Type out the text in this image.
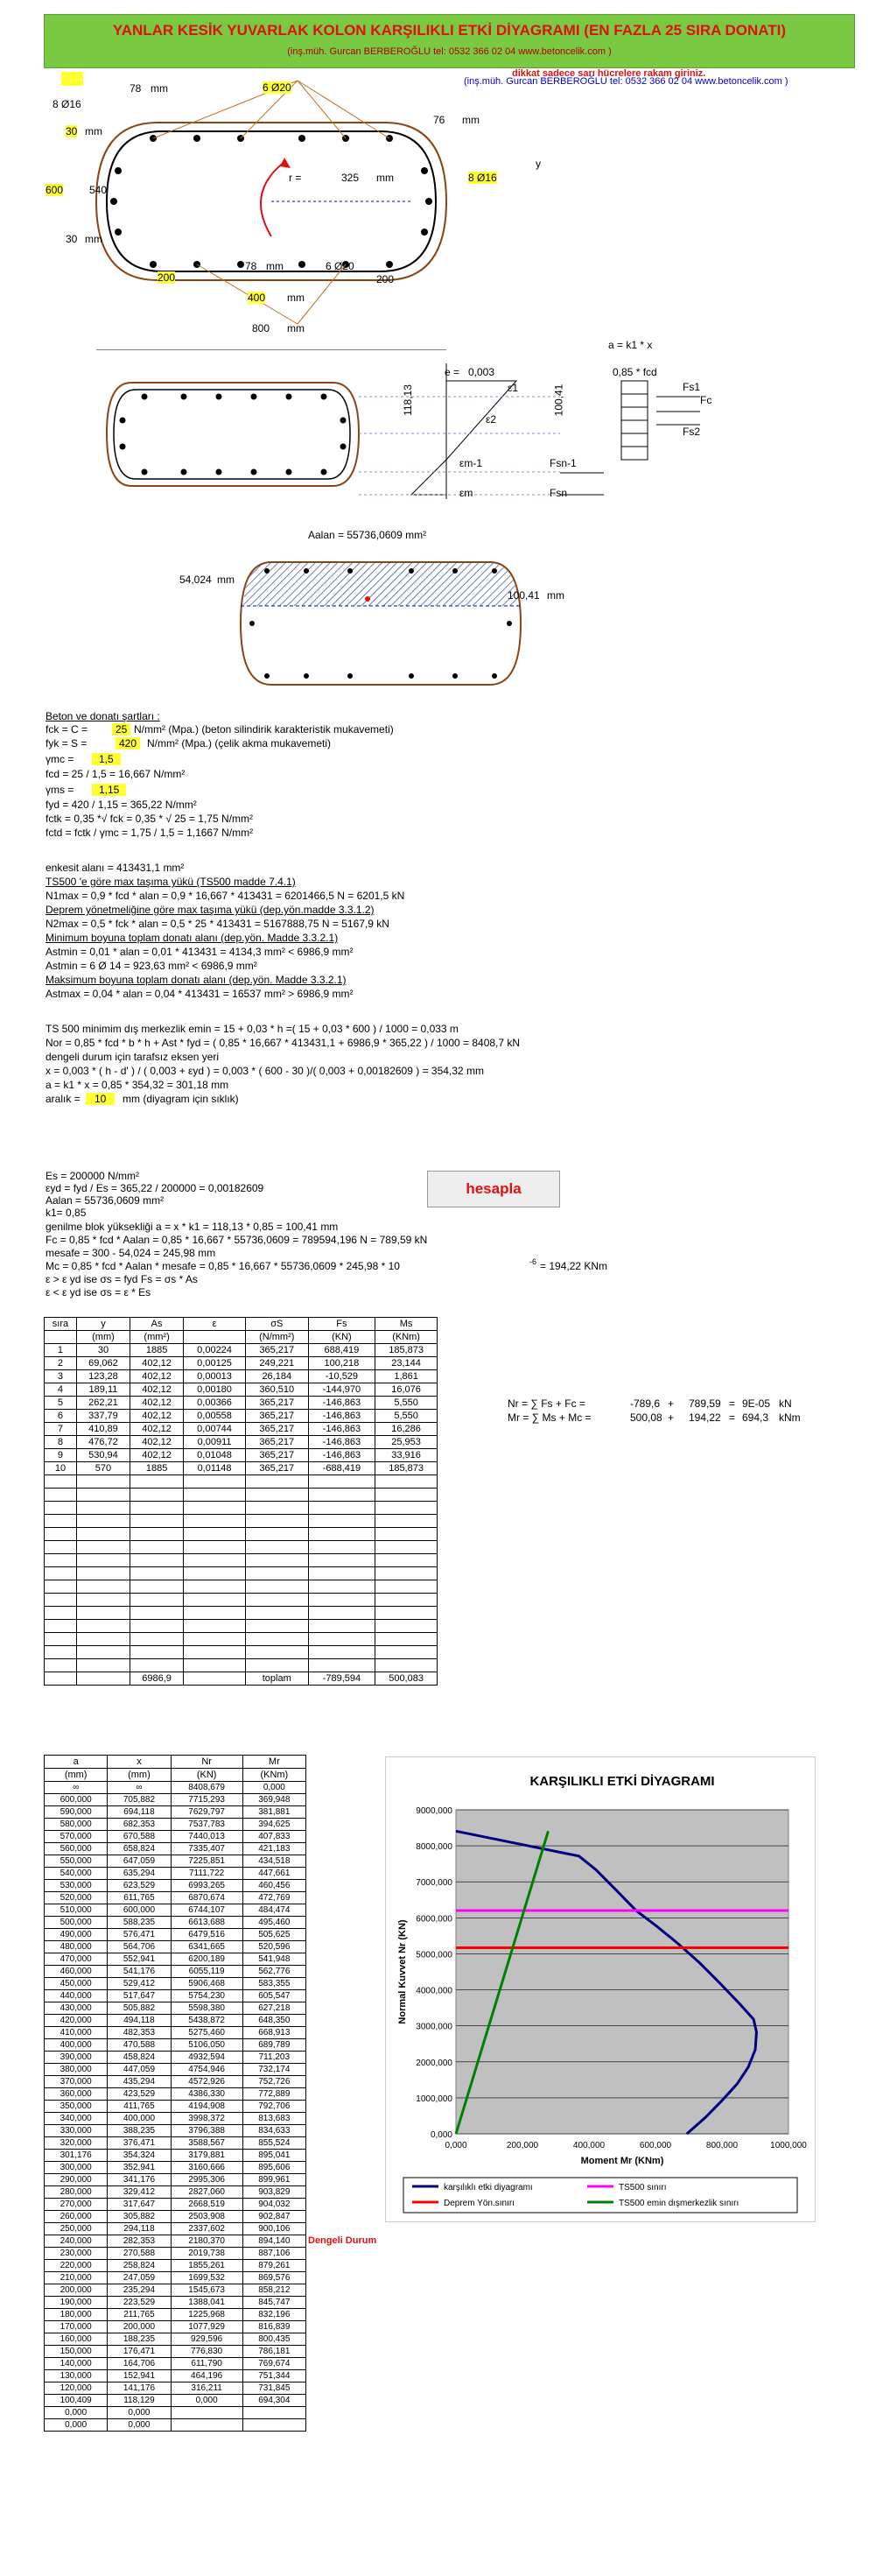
YANLAR KESİK YUVARLAK KOLON KARŞILIKLI ETKİ DİYAGRAMI (EN FAZLA 25 SIRA DONATI)
(inş.müh. Gurcan BERBEROĞLU tel: 0532 366 02 04 www.betoncelik.com )
dikkat sadece sarı hücrelere rakam giriniz.
8 Ø16
78 mm	6 Ø20
30 mm
76 mm
y
600 540
r =	325 mm	8 Ø16
30 mm
78 mm	6 Ø20
200	200
400 mm
800 mm
(inş.müh. Gurcan BERBEROĞLU tel: 0532 366 02 04 www.betoncelik.com )
a = k1 * x
e = 0,003	0,85 * fcd
Fs1
Fc
Fs2
ε1
ε2
εm-1
εm
Fsn-1
Fsn
118,13	100,41
Aalan = 55736,0609 mm²
54,024 mm
100,41 mm
Beton ve donatı şartları :
fck = C =	25 N/mm² (Mpa.) (beton silindirik karakteristik mukavemeti)
fyk = S =	420 N/mm² (Mpa.) (çelik akma mukavemeti)
γmc =	1,5
fcd = 25 / 1,5 = 16,667 N/mm²
γms =	1,15
fyd = 420 / 1,15 = 365,22 N/mm²
fctk = 0,35 *√ fck = 0,35 * √ 25 = 1,75 N/mm²
fctd = fctk / γmc = 1,75 / 1,5 = 1,1667 N/mm²
enkesit alanı = 413431,1 mm²
TS500 'e göre max taşıma yükü (TS500 madde 7.4.1)
N1max = 0,9 * fcd * alan = 0,9 * 16,667 * 413431 = 6201466,5 N = 6201,5 kN
Deprem yönetmeliğine göre max taşıma yükü (dep.yön.madde 3.3.1.2)
N2max = 0,5 * fck * alan = 0,5 * 25 * 413431 = 5167888,75 N = 5167,9 kN
Minimum boyuna toplam donatı alanı (dep.yön. Madde 3.3.2.1)
Astmin = 0,01 * alan = 0,01 * 413431 = 4134,3 mm² < 6986,9 mm²
Astmin = 6 Ø 14 = 923,63 mm² < 6986,9 mm²
Maksimum boyuna toplam donatı alanı (dep.yön. Madde 3.3.2.1)
Astmax = 0,04 * alan = 0,04 * 413431 = 16537 mm² > 6986,9 mm²
TS 500 minimim dış merkezlik emin = 15 + 0,03 * h =( 15 + 0,03 * 600 ) / 1000 = 0,033 m
Nor = 0,85 * fcd * b * h + Ast * fyd = ( 0,85 * 16,667 * 413431,1 + 6986,9 * 365,22 ) / 1000 = 8408,7 kN
dengeli durum için tarafsız eksen yeri
x = 0,003 * ( h - d' ) / ( 0,003 + εyd ) = 0,003 * ( 600 - 30 )/( 0,003 + 0,00182609 ) = 354,32 mm
a = k1 * x = 0,85 * 354,32 = 301,18 mm
aralık =	10	mm (diyagram için sıklık)
Es = 200000 N/mm²
εyd = fyd / Es = 365,22 / 200000 = 0,00182609
Aalan = 55736,0609 mm²
k1= 0,85
genilme blok yüksekliği a = x * k1 = 118,13 * 0,85 = 100,41 mm
Fc = 0,85 * fcd * Aalan = 0,85 * 16,667 * 55736,0609 = 789594,196 N = 789,59 kN
mesafe = 300 - 54,024 = 245,98 mm
Mc = 0,85 * fcd * Aalan * mesafe = 0,85 * 16,667 * 55736,0609 * 245,98 * 10	-6 = 194,22 KNm
ε > ε yd ise σs = fyd Fs = σs * As
ε < ε yd ise σs = ε * Es
hesapla
sıra	y	As	ε	σS	Fs	Ms
	(mm)	(mm²)		(N/mm²)	(KN)	(KNm)
1	30	1885	0,00224	365,217	688,419	185,873
2	69,062	402,12	0,00125	249,221	100,218	23,144
3	123,28	402,12	0,00013	26,184	-10,529	1,861
4	189,11	402,12	0,00180	360,510	-144,970	16,076
5	262,21	402,12	0,00366	365,217	-146,863	5,550
6	337,79	402,12	0,00558	365,217	-146,863	5,550
7	410,89	402,12	0,00744	365,217	-146,863	16,286
8	476,72	402,12	0,00911	365,217	-146,863	25,953
9	530,94	402,12	0,01048	365,217	-146,863	33,916
10	570	1885	0,01148	365,217	-688,419	185,873

		6986,9		toplam	-789,594	500,083
Nr = ∑ Fs + Fc =	-789,6 + 789,59 = 9E-05 kN
Mr = ∑ Ms + Mc =	500,08 + 194,22 = 694,3 kNm
a	x	Nr	Mr
(mm)	(mm)	(KN)	(KNm)
∞	∞	8408,679	0,000
600,000	705,882	7715,293	369,948
590,000	694,118	7629,797	381,881
580,000	682,353	7537,783	394,625
570,000	670,588	7440,013	407,833
560,000	658,824	7335,407	421,183
550,000	647,059	7225,851	434,518
540,000	635,294	7111,722	447,661
530,000	623,529	6993,265	460,456
520,000	611,765	6870,674	472,769
510,000	600,000	6744,107	484,474
500,000	588,235	6613,688	495,460
490,000	576,471	6479,516	505,625
480,000	564,706	6341,665	520,596
470,000	552,941	6200,189	541,948
460,000	541,176	6055,119	562,776
450,000	529,412	5906,468	583,355
440,000	517,647	5754,230	605,547
430,000	505,882	5598,380	627,218
420,000	494,118	5438,872	648,350
410,000	482,353	5275,460	668,913
400,000	470,588	5106,050	689,789
390,000	458,824	4932,594	711,203
380,000	447,059	4754,946	732,174
370,000	435,294	4572,926	752,726
360,000	423,529	4386,330	772,889
350,000	411,765	4194,908	792,706
340,000	400,000	3998,372	813,683
330,000	388,235	3796,388	834,633
320,000	376,471	3588,567	855,524
301,176	354,324	3179,881	895,041
300,000	352,941	3160,666	895,606
290,000	341,176	2995,306	899,961
280,000	329,412	2827,060	903,829
270,000	317,647	2668,519	904,032
260,000	305,882	2503,908	902,847
250,000	294,118	2337,602	900,106
240,000	282,353	2180,370	894,140
230,000	270,588	2019,738	887,106
220,000	258,824	1855,261	879,261
210,000	247,059	1699,532	869,576
200,000	235,294	1545,673	858,212
190,000	223,529	1388,041	845,747
180,000	211,765	1225,968	832,196
170,000	200,000	1077,929	816,839
160,000	188,235	929,596	800,435
150,000	176,471	776,830	786,181
140,000	164,706	611,790	769,674
130,000	152,941	464,196	751,344
120,000	141,176	316,211	731,845
100,409	118,129	0,000	694,304
0,000	0,000		
0,000	0,000		
Dengeli Durum
KARŞILIKLI ETKİ DİYAGRAMI
0,000
1000,000
2000,000
3000,000
4000,000
5000,000
6000,000
7000,000
8000,000
9000,000
0,000	200,000	400,000	600,000	800,000	1000,000
Moment Mr (KNm)
Normal Kuvvet Nr (KN)
karşılıklı etki diyagramı	TS500 sınırı
Deprem Yön.sınırı	TS500 emin dışmerkezlik sınırı
